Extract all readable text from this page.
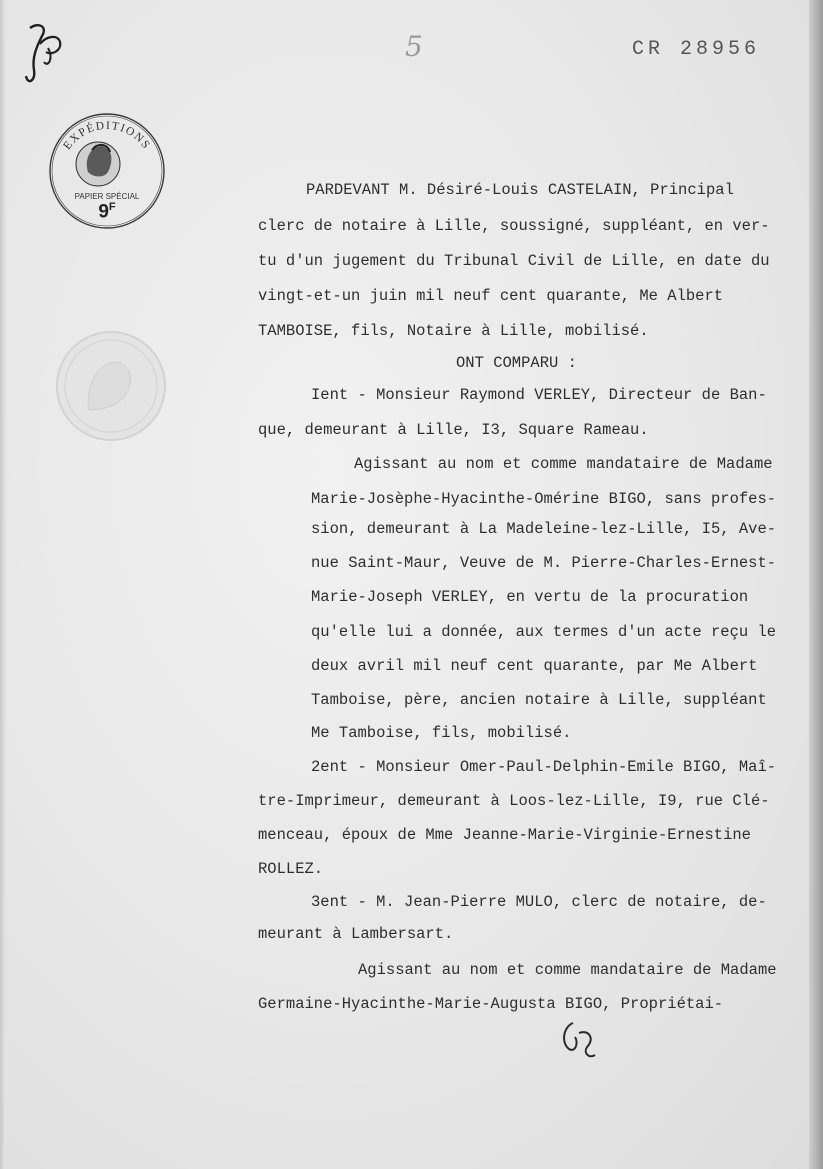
5	CR 28956
EXPÉDITIONS
PAPIER SPÉCIAL
$9^F$
PARDEVANT M. Désiré-Louis CASTELAIN, Principal
clerc de notaire à Lille, soussigné, suppléant, en ver-
tu d'un jugement du Tribunal Civil de Lille, en date du
vingt-et-un juin mil neuf cent quarante, Me Albert
TAMBOISE, fils, Notaire à Lille, mobilisé.
ONT COMPARU :
Ient - Monsieur Raymond VERLEY, Directeur de Ban-
que, demeurant à Lille, I3, Square Rameau.
Agissant au nom et comme mandataire de Madame
Marie-Josèphe-Hyacinthe-Omérine BIGO, sans profes-
sion, demeurant à La Madeleine-lez-Lille, I5, Ave-
nue Saint-Maur, Veuve de M. Pierre-Charles-Ernest-
Marie-Joseph VERLEY, en vertu de la procuration
qu'elle lui a donnée, aux termes d'un acte reçu le
deux avril mil neuf cent quarante, par Me Albert
Tamboise, père, ancien notaire à Lille, suppléant
Me Tamboise, fils, mobilisé.
2ent - Monsieur Omer-Paul-Delphin-Emile BIGO, Maî-
tre-Imprimeur, demeurant à Loos-lez-Lille, I9, rue Clé-
menceau, époux de Mme Jeanne-Marie-Virginie-Ernestine
ROLLEZ.
3ent - M. Jean-Pierre MULO, clerc de notaire, de-
meurant à Lambersart.
Agissant au nom et comme mandataire de Madame
Germaine-Hyacinthe-Marie-Augusta BIGO, Propriétai-
